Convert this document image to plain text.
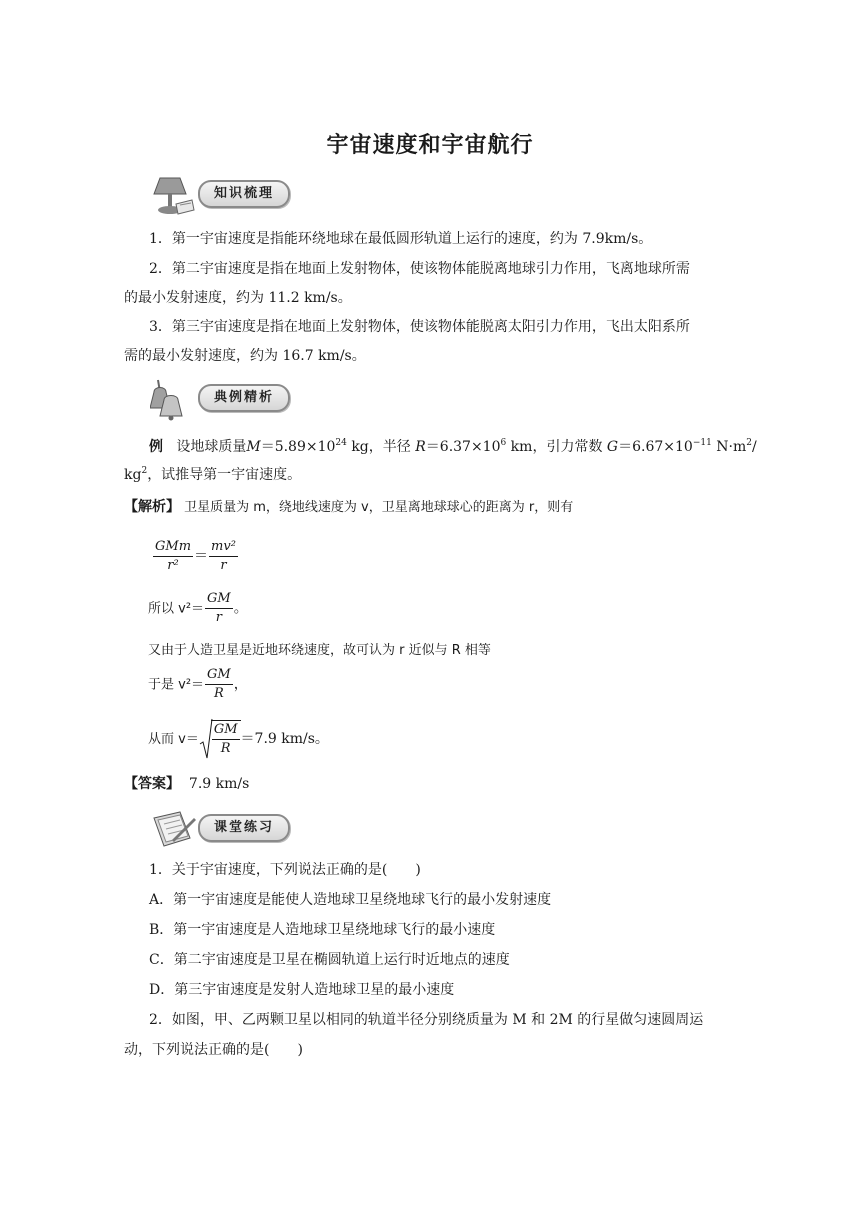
宇宙速度和宇宙航行
知识梳理
1．第一宇宙速度是指能环绕地球在最低圆形轨道上运行的速度，约为 7.9km/s。
2．第二宇宙速度是指在地面上发射物体，使该物体能脱离地球引力作用，飞离地球所需
的最小发射速度，约为 11.2 km/s。
3．第三宇宙速度是指在地面上发射物体，使该物体能脱离太阳引力作用，飞出太阳系所
需的最小发射速度，约为 16.7 km/s。
典例精析
例 设地球质量$M=5.89\times 10^{24}$ kg，半径 $R=6.37\times 10^6$ km，引力常数 $G=6.67\times 10^{-11}$ $N\cdot m^2/$
$kg^2$，试推导第一宇宙速度。
【解析】 卫星质量为 m，绕地线速度为 v，卫星离地球球心的距离为 r，则有
$\frac{\text{GMm}}{\text{r²}} = \frac{\text{mv²}}{r}$
所以 $v^2= \frac{GM}{r}$ 。
又由于人造卫星是近地环绕速度，故可认为 r 近似与 R 相等
于是 $v^2= \frac{GM}{R}$ ，
从而 $v= \frac{GM}{R} =7.9$ km/s。
【答案】 7.9 km/s
课堂练习
1．关于宇宙速度，下列说法正确的是(　　)
A．第一宇宙速度是能使人造地球卫星绕地球飞行的最小发射速度
B．第一宇宙速度是人造地球卫星绕地球飞行的最小速度
C．第二宇宙速度是卫星在椭圆轨道上运行时近地点的速度
D．第三宇宙速度是发射人造地球卫星的最小速度
2．如图，甲、乙两颗卫星以相同的轨道半径分别绕质量为 M 和 2M 的行星做匀速圆周运
动，下列说法正确的是(　　)
